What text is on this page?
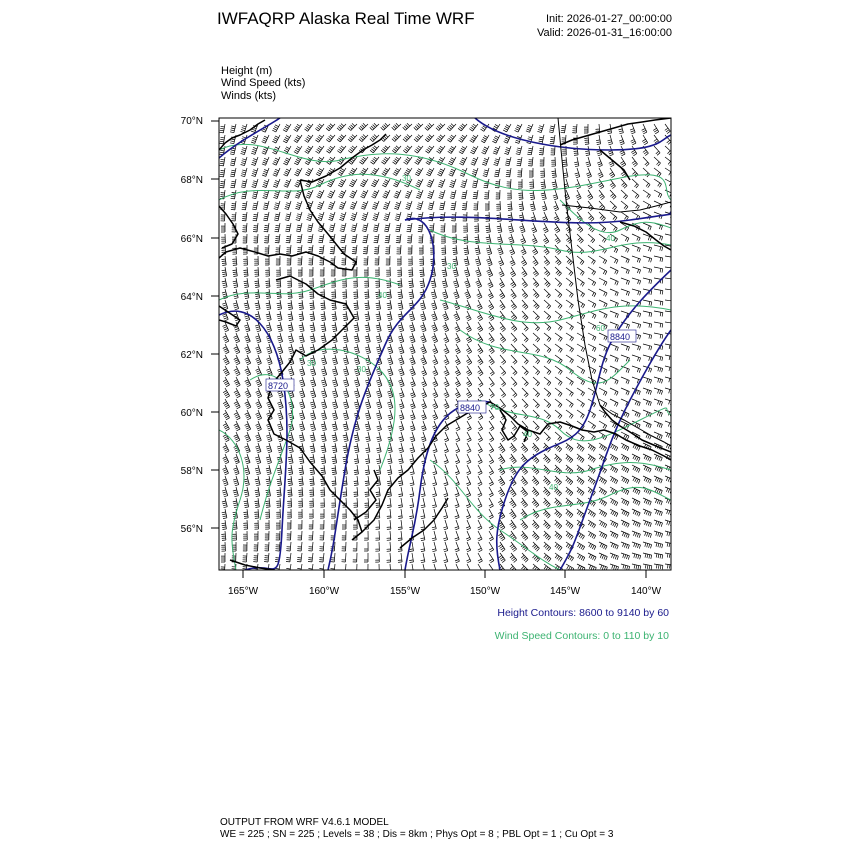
IWFAQRP Alaska Real Time WRF	Init: 2026-01-27_00:00:00
Valid: 2026-01-31_16:00:00
Height (m)
Wind Speed (kts)
Winds (kts)
70°N
68°N
66°N
64°N
62°N
60°N
58°N
56°N
165°W	160°W	155°W	150°W	145°W	140°W
8720
8840
8840
30
40
30
40
60
30
30
70
40
40
Height Contours: 8600 to 9140 by 60
Wind Speed Contours: 0 to 110 by 10
OUTPUT FROM WRF V4.6.1 MODEL
WE = 225 ; SN = 225 ; Levels = 38 ; Dis = 8km ; Phys Opt = 8 ; PBL Opt = 1 ; Cu Opt = 3
